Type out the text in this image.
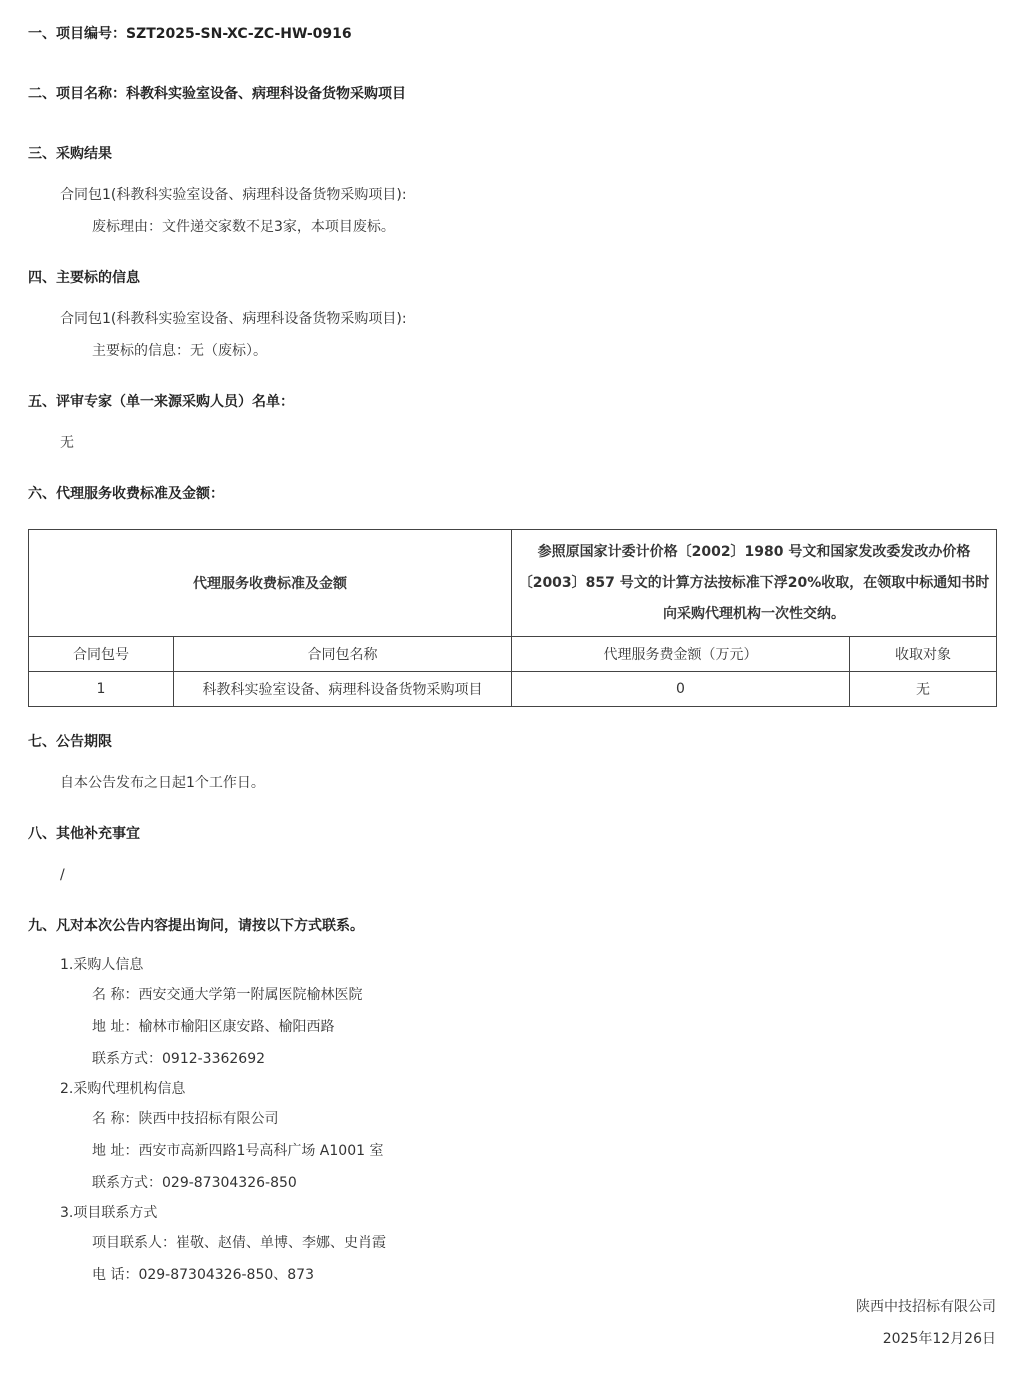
一、项目编号：SZT2025-SN-XC-ZC-HW-0916
二、项目名称：科教科实验室设备、病理科设备货物采购项目
三、采购结果
合同包1(科教科实验室设备、病理科设备货物采购项目):
废标理由：文件递交家数不足3家，本项目废标。
四、主要标的信息
合同包1(科教科实验室设备、病理科设备货物采购项目):
主要标的信息：无（废标）。
五、评审专家（单一来源采购人员）名单：
无
六、代理服务收费标准及金额：
代理服务收费标准及金额		参照原国家计委计价格〔2002〕1980 号文和国家发改委发改办价格〔2003〕857 号文的计算方法按标准下浮20%收取，在领取中标通知书时向采购代理机构一次性交纳。	
合同包号	合同包名称	代理服务费金额（万元）	收取对象
1	科教科实验室设备、病理科设备货物采购项目	0	无
七、公告期限
自本公告发布之日起1个工作日。
八、其他补充事宜
/
九、凡对本次公告内容提出询问，请按以下方式联系。
1.采购人信息
名 称：西安交通大学第一附属医院榆林医院
地 址：榆林市榆阳区康安路、榆阳西路
联系方式：0912-3362692
2.采购代理机构信息
名 称：陕西中技招标有限公司
地 址：西安市高新四路1号高科广场 A1001 室
联系方式：029-87304326-850
3.项目联系方式
项目联系人：崔敬、赵倩、单博、李娜、史肖霞
电 话：029-87304326-850、873
陕西中技招标有限公司
2025年12月26日
